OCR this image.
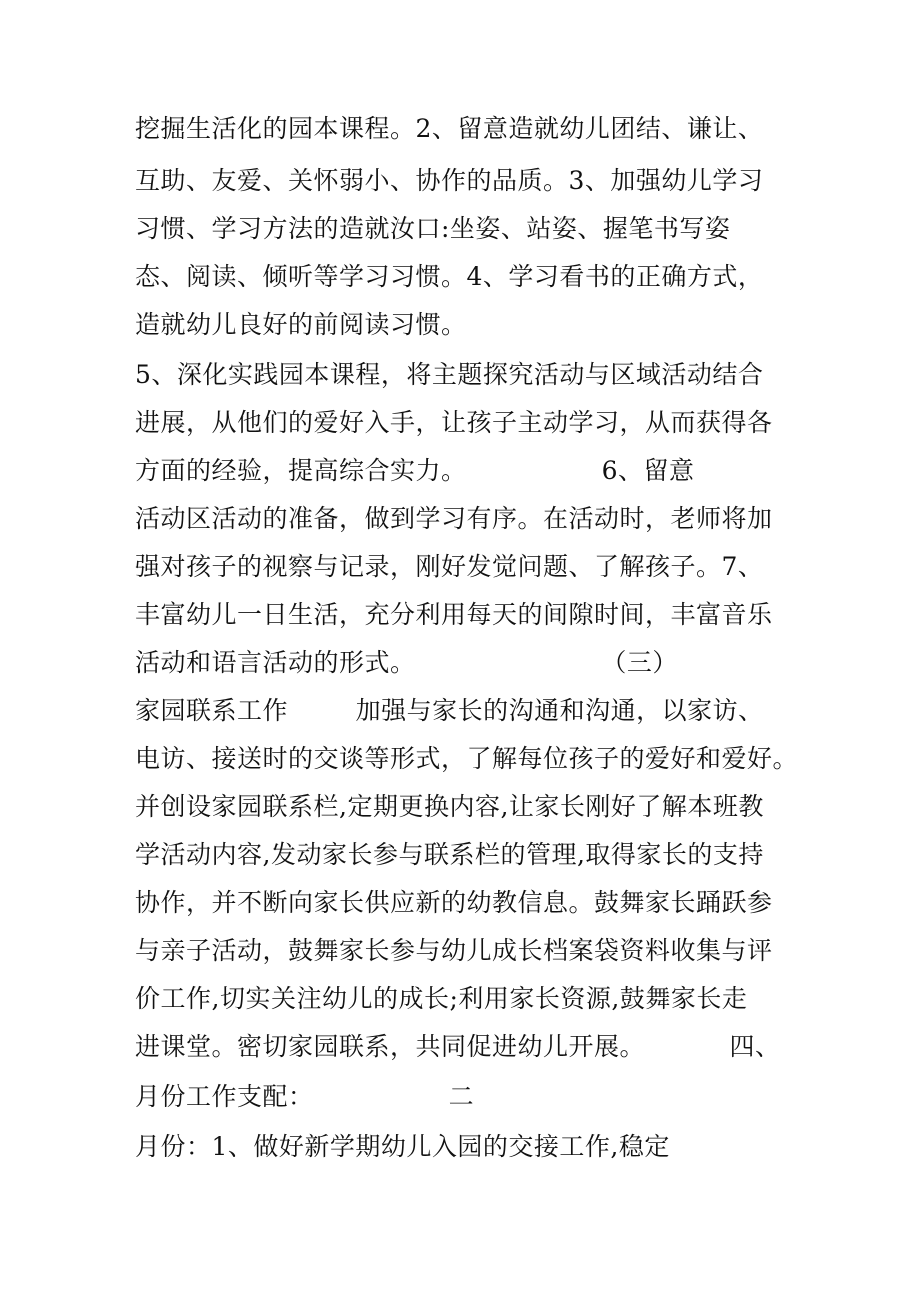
挖掘生活化的园本课程。2、留意造就幼儿团结、谦让、
互助、友爱、关怀弱小、协作的品质。3、加强幼儿学习
习惯、学习方法的造就汝口:坐姿、站姿、握笔书写姿
态、阅读、倾听等学习习惯。4、学习看书的正确方式，
造就幼儿良好的前阅读习惯。
5、深化实践园本课程，将主题探究活动与区域活动结合
进展，从他们的爱好入手，让孩子主动学习，从而获得各
方面的经验，提高综合实力。                6、留意
活动区活动的准备，做到学习有序。在活动时，老师将加
强对孩子的视察与记录，刚好发觉问题、了解孩子。7、
丰富幼儿一日生活，充分利用每天的间隙时间，丰富音乐
活动和语言活动的形式。                      （三）
家园联系工作        加强与家长的沟通和沟通，以家访、
电访、接送时的交谈等形式，了解每位孩子的爱好和爱好。
并创设家园联系栏,定期更换内容,让家长刚好了解本班教
学活动内容,发动家长参与联系栏的管理,取得家长的支持
协作，并不断向家长供应新的幼教信息。鼓舞家长踊跃参
与亲子活动，鼓舞家长参与幼儿成长档案袋资料收集与评
价工作,切实关注幼儿的成长;利用家长资源,鼓舞家长走
进课堂。密切家园联系，共同促进幼儿开展。          四、
月份工作支配：                二
月份：1、做好新学期幼儿入园的交接工作,稳定
